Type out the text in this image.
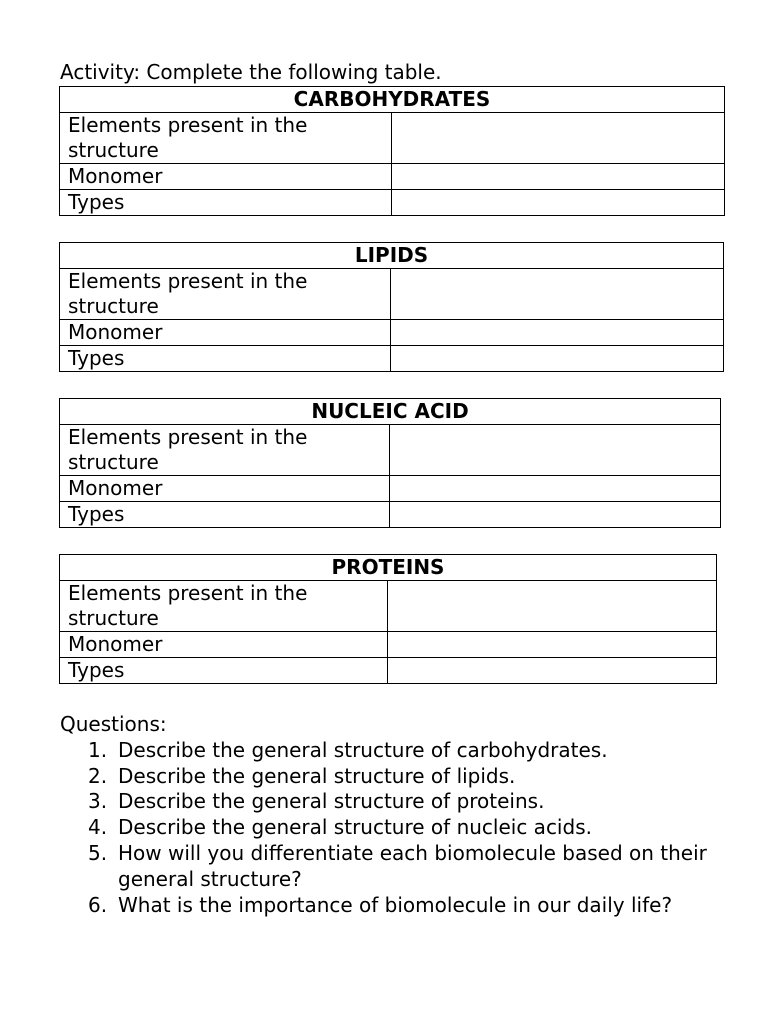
Activity: Complete the following table.
CARBOHYDRATES	
Elements present in the structure	
Monomer	
Types	
LIPIDS	
Elements present in the structure	
Monomer	
Types	
NUCLEIC ACID	
Elements present in the structure	
Monomer	
Types	
PROTEINS	
Elements present in the structure	
Monomer	
Types	

Questions:

1. Describe the general structure of carbohydrates.
2. Describe the general structure of lipids.
3. Describe the general structure of proteins.
4. Describe the general structure of nucleic acids.
5. How will you differentiate each biomolecule based on their general structure?
6. What is the importance of biomolecule in our daily life?
